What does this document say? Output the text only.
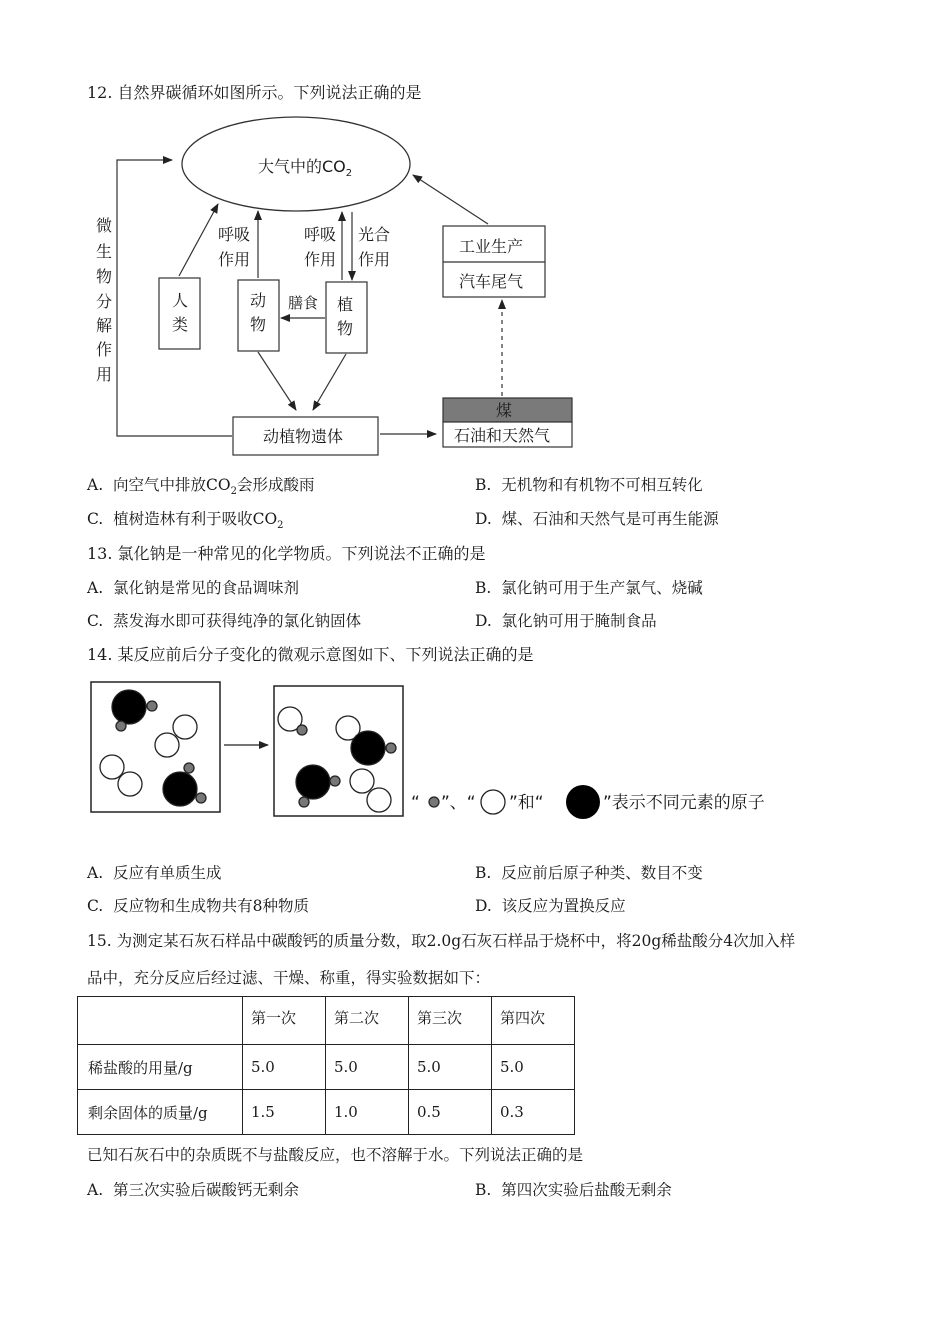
12. 自然界碳循环如图所示。下列说法正确的是
大气中的$CO_2$
微 生 物 分 解 作 用
人 类
动 物
呼吸 作用
植 物
呼吸 作用
光合 作用
膳食
动植物遗体
煤
石油和天然气
工业生产
汽车尾气
A. 向空气中排放$CO_2$会形成酸雨	B. 无机物和有机物不可相互转化
C. 植树造林有利于吸收$CO_2$	D. 煤、石油和天然气是可再生能源
13. 氯化钠是一种常见的化学物质。下列说法不正确的是
A. 氯化钠是常见的食品调味剂	B. 氯化钠可用于生产氯气、烧碱
C. 蒸发海水即可获得纯净的氯化钠固体	D. 氯化钠可用于腌制食品
14. 某反应前后分子变化的微观示意图如下、下列说法正确的是
“ ”、“ ”和“	”表示不同元素的原子
A. 反应有单质生成	B. 反应前后原子种类、数目不变
C. 反应物和生成物共有8种物质	D. 该反应为置换反应
15. 为测定某石灰石样品中碳酸钙的质量分数，取2.0g石灰石样品于烧杯中，将20g稀盐酸分4次加入样
品中，充分反应后经过滤、干燥、称重，得实验数据如下：
	第一次	第二次	第三次	第四次
稀盐酸的用量/g	5.0	5.0	5.0	5.0
剩余固体的质量/g	1.5	1.0	0.5	0.3
已知石灰石中的杂质既不与盐酸反应，也不溶解于水。下列说法正确的是
A. 第三次实验后碳酸钙无剩余	B. 第四次实验后盐酸无剩余
